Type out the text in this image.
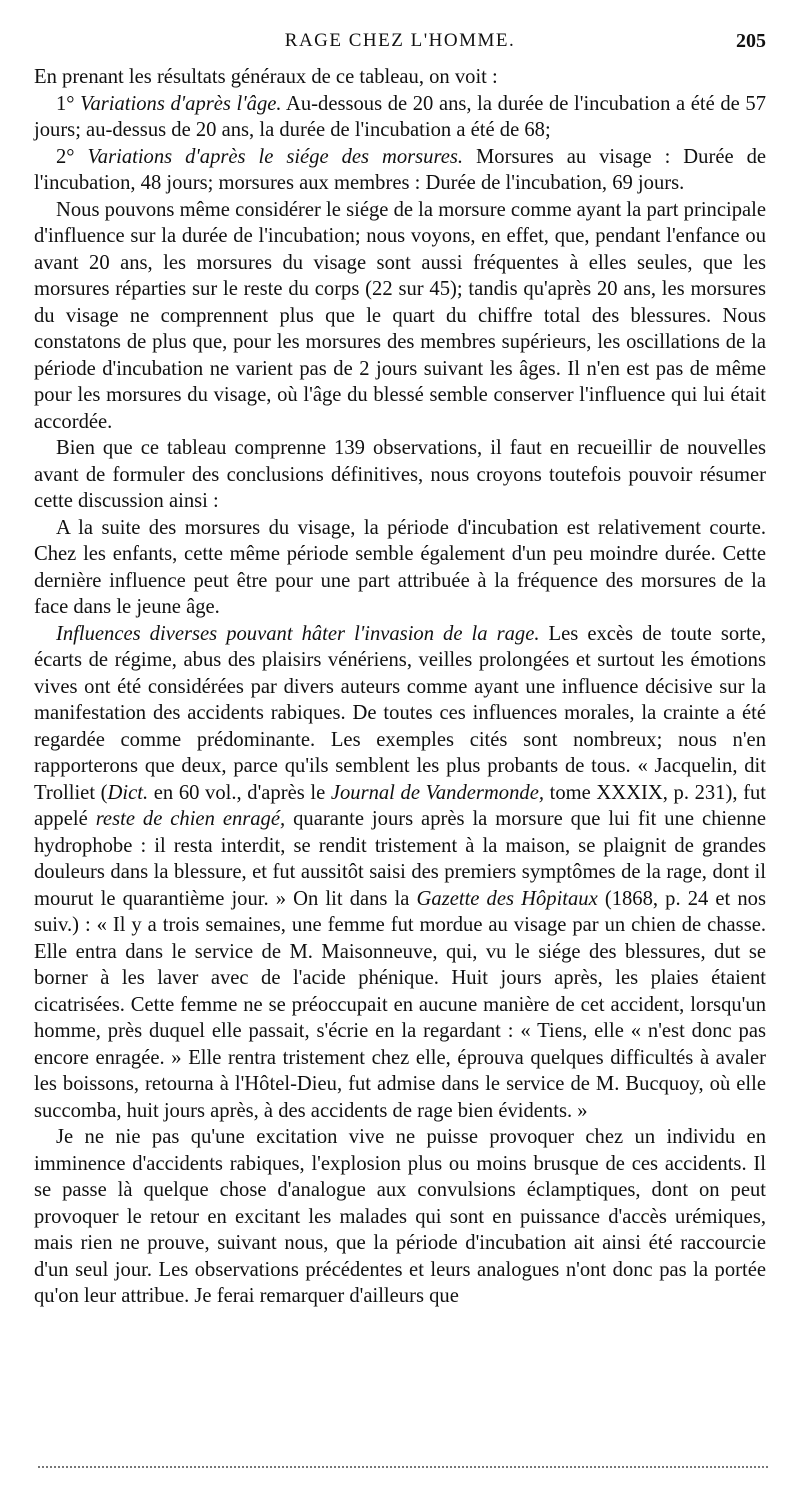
RAGE CHEZ L'HOMME.	205

En prenant les résultats généraux de ce tableau, on voit :

1° Variations d'après l'âge. Au-dessous de 20 ans, la durée de l'incubation a été de 57 jours; au-dessus de 20 ans, la durée de l'incubation a été de 68;

2° Variations d'après le siége des morsures. Morsures au visage : Durée de l'incubation, 48 jours; morsures aux membres : Durée de l'incubation, 69 jours.

Nous pouvons même considérer le siége de la morsure comme ayant la part principale d'influence sur la durée de l'incubation; nous voyons, en effet, que, pendant l'enfance ou avant 20 ans, les morsures du visage sont aussi fréquentes à elles seules, que les morsures réparties sur le reste du corps (22 sur 45); tandis qu'après 20 ans, les morsures du visage ne comprennent plus que le quart du chiffre total des blessures. Nous constatons de plus que, pour les morsures des membres supérieurs, les oscillations de la période d'incubation ne varient pas de 2 jours suivant les âges. Il n'en est pas de même pour les morsures du visage, où l'âge du blessé semble conserver l'influence qui lui était accordée.

Bien que ce tableau comprenne 139 observations, il faut en recueillir de nouvelles avant de formuler des conclusions définitives, nous croyons toutefois pouvoir résumer cette discussion ainsi :

A la suite des morsures du visage, la période d'incubation est relativement courte. Chez les enfants, cette même période semble également d'un peu moindre durée. Cette dernière influence peut être pour une part attribuée à la fréquence des morsures de la face dans le jeune âge.

Influences diverses pouvant hâter l'invasion de la rage. Les excès de toute sorte, écarts de régime, abus des plaisirs vénériens, veilles prolongées et surtout les émotions vives ont été considérées par divers auteurs comme ayant une influence décisive sur la manifestation des accidents rabiques. De toutes ces influences morales, la crainte a été regardée comme prédominante. Les exemples cités sont nombreux; nous n'en rapporterons que deux, parce qu'ils semblent les plus probants de tous. « Jacquelin, dit Trolliet (Dict. en 60 vol., d'après le Journal de Vandermonde, tome XXXIX, p. 231), fut appelé reste de chien enragé, quarante jours après la morsure que lui fit une chienne hydrophobe : il resta interdit, se rendit tristement à la maison, se plaignit de grandes douleurs dans la blessure, et fut aussitôt saisi des premiers symptômes de la rage, dont il mourut le quarantième jour. » On lit dans la Gazette des Hôpitaux (1868, p. 24 et nos suiv.) : « Il y a trois semaines, une femme fut mordue au visage par un chien de chasse. Elle entra dans le service de M. Maisonneuve, qui, vu le siége des blessures, dut se borner à les laver avec de l'acide phénique. Huit jours après, les plaies étaient cicatrisées. Cette femme ne se préoccupait en aucune manière de cet accident, lorsqu'un homme, près duquel elle passait, s'écrie en la regardant : « Tiens, elle « n'est donc pas encore enragée. » Elle rentra tristement chez elle, éprouva quelques difficultés à avaler les boissons, retourna à l'Hôtel-Dieu, fut admise dans le service de M. Bucquoy, où elle succomba, huit jours après, à des accidents de rage bien évidents. »

Je ne nie pas qu'une excitation vive ne puisse provoquer chez un individu en imminence d'accidents rabiques, l'explosion plus ou moins brusque de ces accidents. Il se passe là quelque chose d'analogue aux convulsions éclamptiques, dont on peut provoquer le retour en excitant les malades qui sont en puissance d'accès urémiques, mais rien ne prouve, suivant nous, que la période d'incubation ait ainsi été raccourcie d'un seul jour. Les observations précédentes et leurs analogues n'ont donc pas la portée qu'on leur attribue. Je ferai remarquer d'ailleurs que
